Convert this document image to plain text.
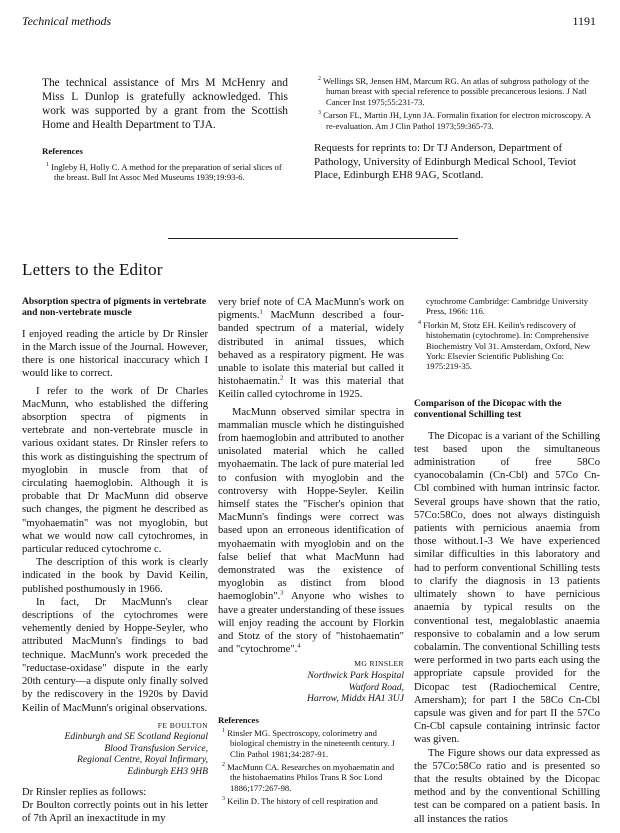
Technical methods	1191

The technical assistance of Mrs M McHenry and Miss L Dunlop is gratefully acknowledged. This work was supported by a grant from the Scottish Home and Health Department to TJA.

References

$^1$ Ingleby H, Holly C. A method for the preparation of serial slices of the breast. Bull Int Assoc Med Museums 1939;19:93-6.

$^2$ Wellings SR, Jensen HM, Marcum RG. An atlas of subgross pathology of the human breast with special reference to possible precancerous lesions. J Natl Cancer Inst 1975;55:231-73.

$^3$ Carson FL, Martin JH, Lynn JA. Formalin fixation for electron microscopy. A re-evaluation. Am J Clin Pathol 1973;59:365-73.

Requests for reprints to: Dr TJ Anderson, Department of Pathology, University of Edinburgh Medical School, Teviot Place, Edinburgh EH8 9AG, Scotland.

Letters to the Editor

Absorption spectra of pigments in vertebrate and non-vertebrate muscle

I enjoyed reading the article by Dr Rinsler in the March issue of the Journal. However, there is one historical inaccuracy which I would like to correct.

I refer to the work of Dr Charles MacMunn, who established the differing absorption spectra of pigments in vertebrate and non-vertebrate muscle in various oxidant states. Dr Rinsler refers to this work as distinguishing the spectrum of myoglobin in muscle from that of circulating haemoglobin. Although it is probable that Dr MacMunn did observe such changes, the pigment he described as "myohaematin" was not myoglobin, but what we would now call cytochromes, in particular reduced cytochrome c.

The description of this work is clearly indicated in the book by David Keilin, published posthumously in 1966.

In fact, Dr MacMunn's clear descriptions of the cytochromes were vehemently denied by Hoppe-Seyler, who attributed MacMunn's findings to bad technique. MacMunn's work preceded the "reductase-oxidase" dispute in the early 20th century—a dispute only finally solved by the rediscovery in the 1920s by David Keilin of MacMunn's original observations.

FE BOULTON

Edinburgh and SE Scotland Regional

Blood Transfusion Service,

Regional Centre, Royal Infirmary,

Edinburgh EH3 9HB

Dr Rinsler replies as follows:

Dr Boulton correctly points out in his letter of 7th April an inexactitude in my

very brief note of CA MacMunn's work on pigments.$^1$ MacMunn described a four-banded spectrum of a material, widely distributed in animal tissues, which behaved as a respiratory pigment. He was unable to isolate this material but called it histohaematin.$^2$ It was this material that Keilin called cytochrome in 1925.

MacMunn observed similar spectra in mammalian muscle which he distinguished from haemoglobin and attributed to another unisolated material which he called myohaematin. The lack of pure material led to confusion with myoglobin and the controversy with Hoppe-Seyler. Keilin himself states the "Fischer's opinion that MacMunn's findings were correct was based upon an erroneous identification of myohaematin with myoglobin and on the false belief that what MacMunn had demonstrated was the existence of myoglobin as distinct from blood haemoglobin".$^3$ Anyone who wishes to have a greater understanding of these issues will enjoy reading the account by Florkin and Stotz of the story of "histohaematin" and "cytochrome".$^4$

MG RINSLER

Northwick Park Hospital

Watford Road,

Harrow, Middx HA1 3UJ

References

$^1$ Rinsler MG. Spectroscopy, colorimetry and biological chemistry in the nineteenth century. J Clin Pathol 1981;34:287-91.

$^2$ MacMunn CA. Researches on myohaematin and the histohaematins Philos Trans R Soc Lond 1886;177:267-98.

$^3$ Keilin D. The history of cell respiration and

cytochrome Cambridge: Cambridge University Press, 1966: 116.

$^4$ Florkin M, Stotz EH. Keilin's rediscovery of histohematin (cytochrome). In: Comprehensive Biochemistry Vol 31. Amsterdam, Oxford, New York: Elsevier Scientific Publishing Co: 1975:219-35.

Comparison of the Dicopac with the conventional Schilling test

The Dicopac is a variant of the Schilling test based upon the simultaneous administration of free 58Co cyanocobalamin (Cn-Cbl) and 57Co Cn-Cbl combined with human intrinsic factor. Several groups have shown that the ratio, 57Co:58Co, does not always distinguish patients with pernicious anaemia from those without.1-3 We have experienced similar difficulties in this laboratory and had to perform conventional Schilling tests to clarify the diagnosis in 13 patients ultimately shown to have pernicious anaemia by typical results on the conventional test, megaloblastic anaemia responsive to cobalamin and a low serum cobalamin. The conventional Schilling tests were performed in two parts each using the appropriate capsule provided for the Dicopac test (Radiochemical Centre, Amersham); for part I the 58Co Cn-Cbl capsule was given and for part II the 57Co Cn-Cbl capsule containing intrinsic factor was given.

The Figure shows our data expressed as the 57Co:58Co ratio and is presented so that the results obtained by the Dicopac method and by the conventional Schilling test can be compared on a patient basis. In all instances the ratios
